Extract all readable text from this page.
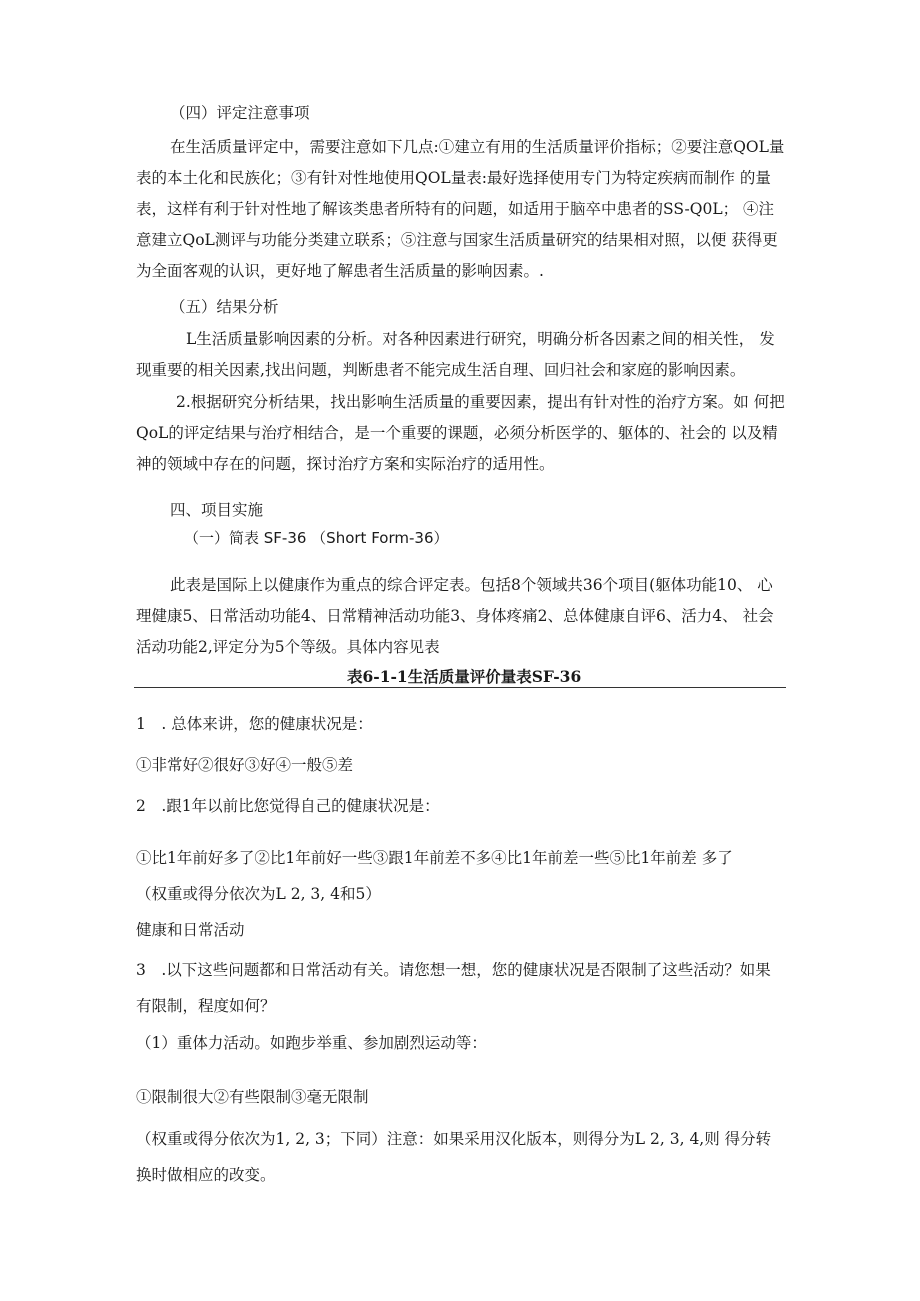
（四）评定注意事项
在生活质量评定中，需要注意如下几点:①建立有用的生活质量评价指标；②要注意QOL量表的本土化和民族化；③有针对性地使用QOL量表:最好选择使用专门为特定疾病而制作 的量表，这样有利于针对性地了解该类患者所特有的问题，如适用于脑卒中患者的SS-Q0L； ④注意建立QoL测评与功能分类建立联系；⑤注意与国家生活质量研究的结果相对照，以便 获得更为全面客观的认识，更好地了解患者生活质量的影响因素。.
（五）结果分析
L生活质量影响因素的分析。对各种因素进行研究，明确分析各因素之间的相关性， 发现重要的相关因素,找出问题，判断患者不能完成生活自理、回归社会和家庭的影响因素。
2.根据研究分析结果，找出影响生活质量的重要因素，提出有针对性的治疗方案。如 何把QoL的评定结果与治疗相结合，是一个重要的课题，必须分析医学的、躯体的、社会的 以及精神的领域中存在的问题，探讨治疗方案和实际治疗的适用性。
四、项目实施
（一）简表 SF-36 （Short Form-36）
此表是国际上以健康作为重点的综合评定表。包括8个领域共36个项目(躯体功能10、 心理健康5、日常活动功能4、日常精神活动功能3、身体疼痛2、总体健康自评6、活力4、 社会活动功能2,评定分为5个等级。具体内容见表
表6-1-1生活质量评价量表SF-36
1　. 总体来讲，您的健康状况是：
①非常好②很好③好④一般⑤差
2　.跟1年以前比您觉得自己的健康状况是：
①比1年前好多了②比1年前好一些③跟1年前差不多④比1年前差一些⑤比1年前差 多了
（权重或得分依次为L 2, 3, 4和5）
健康和日常活动
3　.以下这些问题都和日常活动有关。请您想一想，您的健康状况是否限制了这些活动？如果 有限制，程度如何？
（1）重体力活动。如跑步举重、参加剧烈运动等：
①限制很大②有些限制③毫无限制
（权重或得分依次为1, 2, 3；下同）注意：如果采用汉化版本，则得分为L 2, 3, 4,则 得分转换时做相应的改变。
